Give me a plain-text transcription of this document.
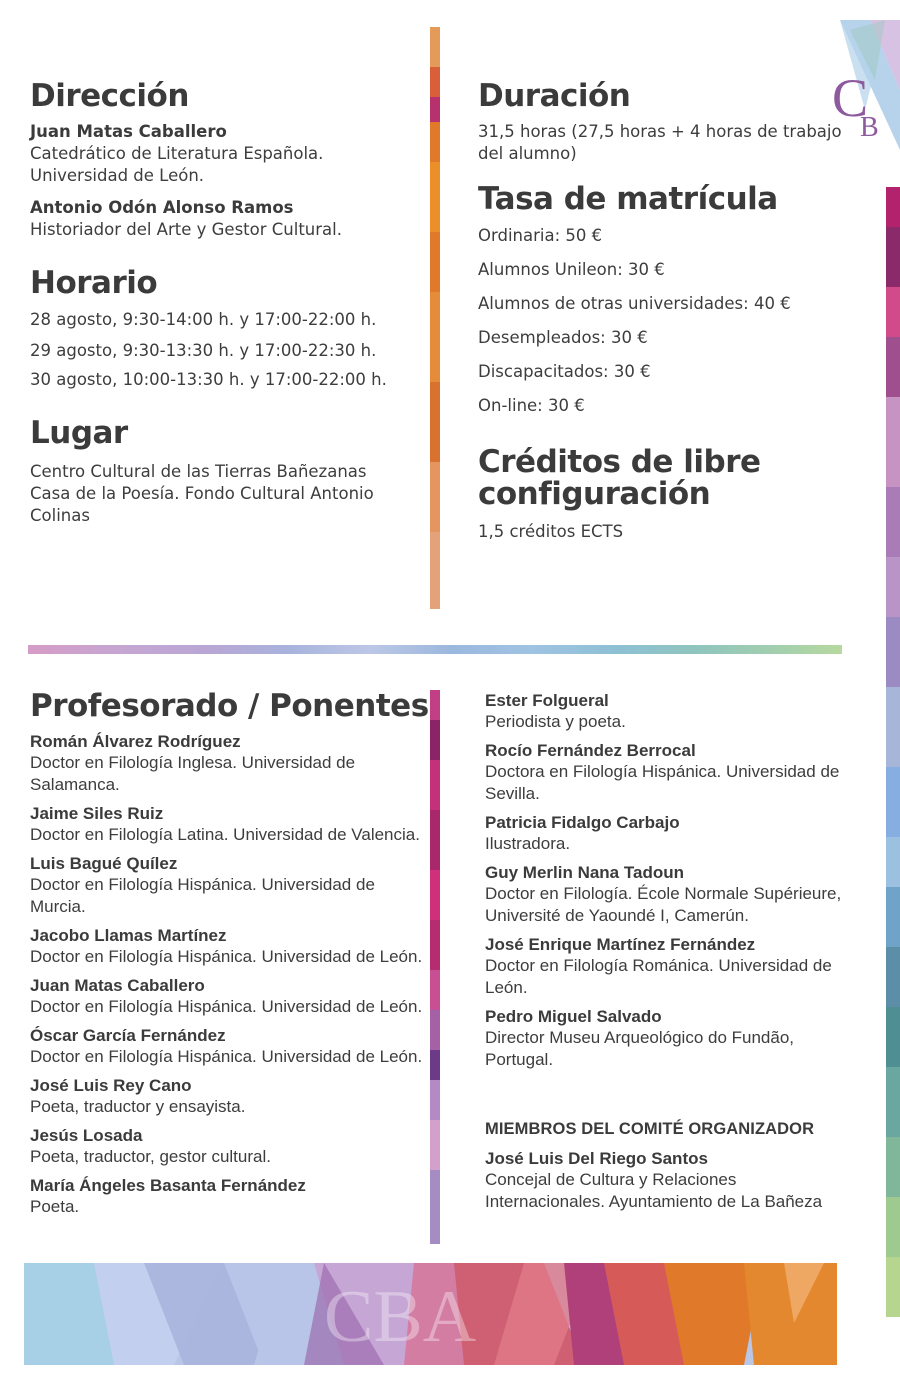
Dirección
Juan Matas Caballero
Catedrático de Literatura Española.
Universidad de León.
Antonio Odón Alonso Ramos
Historiador del Arte y Gestor Cultural.
Horario
28 agosto, 9:30-14:00 h. y 17:00-22:00 h.
29 agosto, 9:30-13:30 h. y 17:00-22:30 h.
30 agosto, 10:00-13:30 h. y 17:00-22:00 h.
Lugar
Centro Cultural de las Tierras Bañezanas
Casa de la Poesía. Fondo Cultural Antonio
Colinas
Duración
31,5 horas (27,5 horas + 4 horas de trabajo
del alumno)
Tasa de matrícula
Ordinaria: 50 €
Alumnos Unileon: 30 €
Alumnos de otras universidades: 40 €
Desempleados: 30 €
Discapacitados: 30 €
On-line: 30 €
Créditos de libre
configuración
1,5 créditos ECTS
C
B
Profesorado / Ponentes
Román Álvarez Rodríguez
Doctor en Filología Inglesa. Universidad de
Salamanca.
Jaime Siles Ruiz
Doctor en Filología Latina. Universidad de Valencia.
Luis Bagué Quílez
Doctor en Filología Hispánica. Universidad de
Murcia.
Jacobo Llamas Martínez
Doctor en Filología Hispánica. Universidad de León.
Juan Matas Caballero
Doctor en Filología Hispánica. Universidad de León.
Óscar García Fernández
Doctor en Filología Hispánica. Universidad de León.
José Luis Rey Cano
Poeta, traductor y ensayista.
Jesús Losada
Poeta, traductor, gestor cultural.
María Ángeles Basanta Fernández
Poeta.
Ester Folgueral
Periodista y poeta.
Rocío Fernández Berrocal
Doctora en Filología Hispánica. Universidad de
Sevilla.
Patricia Fidalgo Carbajo
Ilustradora.
Guy Merlin Nana Tadoun
Doctor en Filología. École Normale Supérieure,
Université de Yaoundé I, Camerún.
José Enrique Martínez Fernández
Doctor en Filología Románica. Universidad de
León.
Pedro Miguel Salvado
Director Museu Arqueológico do Fundão,
Portugal.
MIEMBROS DEL COMITÉ ORGANIZADOR
José Luis Del Riego Santos
Concejal de Cultura y Relaciones
Internacionales. Ayuntamiento de La Bañeza
CBA
